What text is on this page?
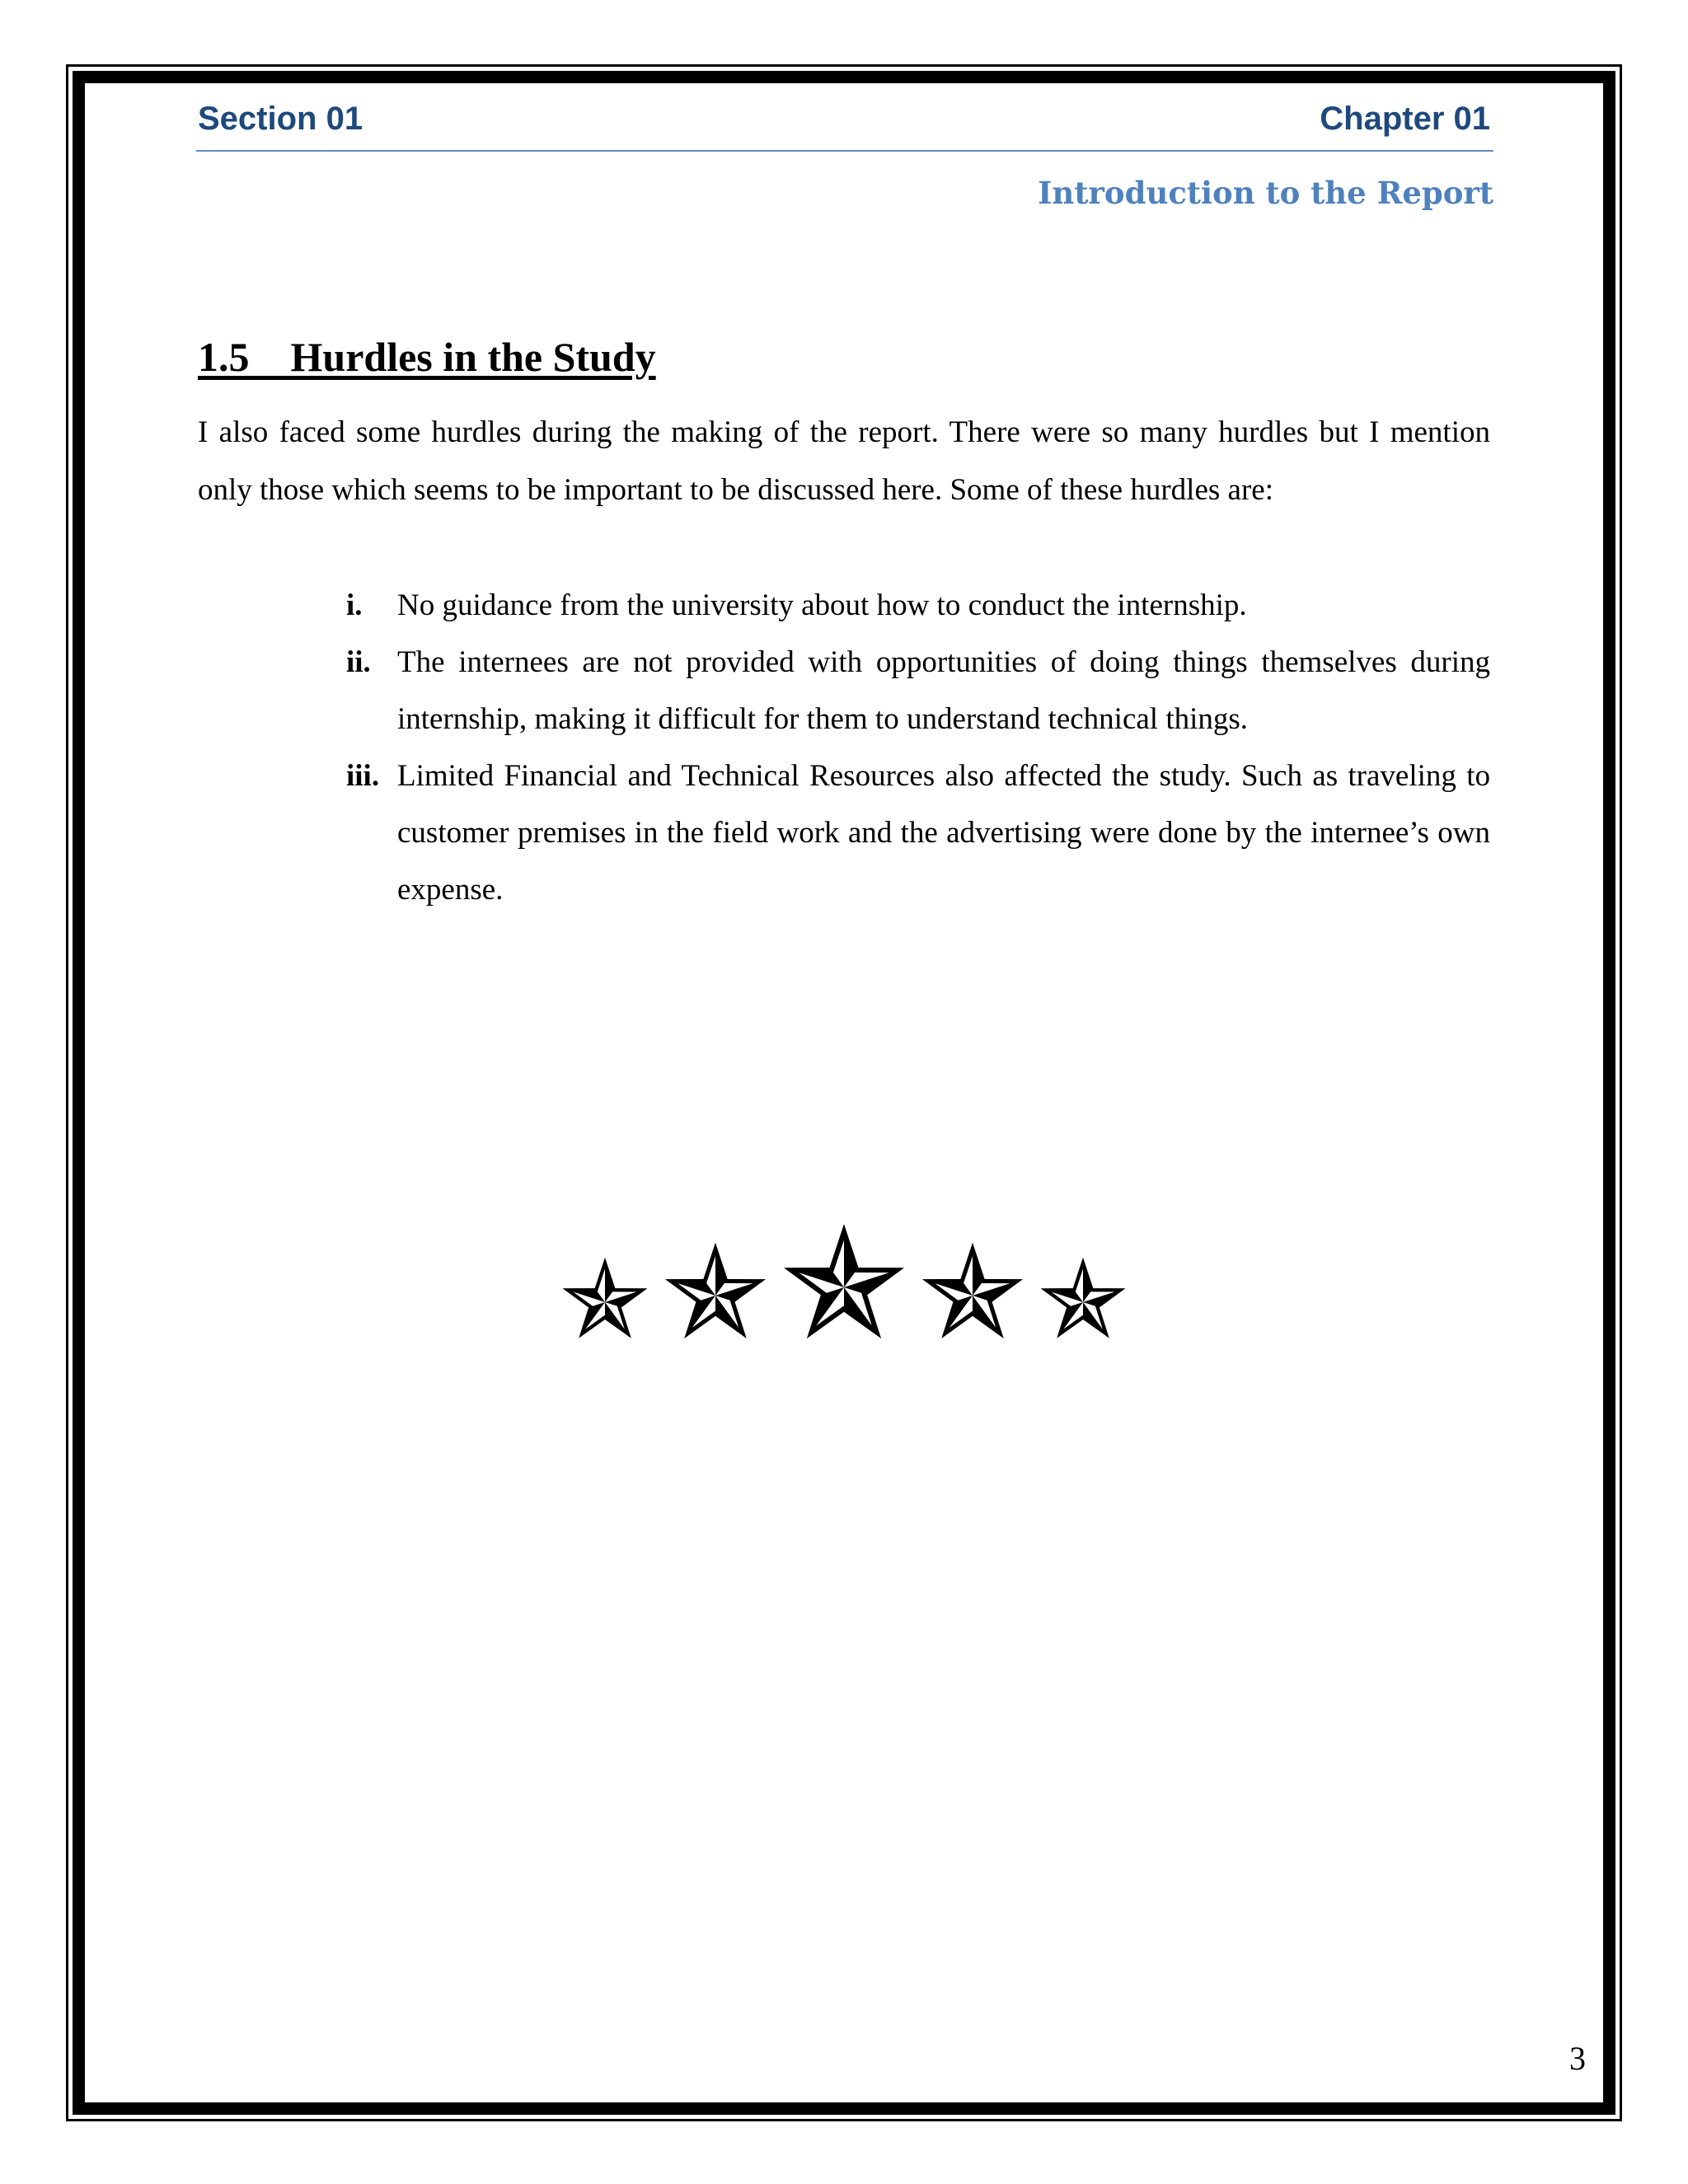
Section 01	Chapter 01
Introduction to the Report
1.5    Hurdles in the Study

I also faced some hurdles during the making of the report. There were so many hurdles but I mention only those which seems to be important to be discussed here. Some of these hurdles are:

i. No guidance from the university about how to conduct the internship.
ii. The internees are not provided with opportunities of doing things themselves during internship, making it difficult for them to understand technical things.
iii. Limited Financial and Technical Resources also affected the study. Such as traveling to customer premises in the field work and the advertising were done by the internee’s own expense.
3
